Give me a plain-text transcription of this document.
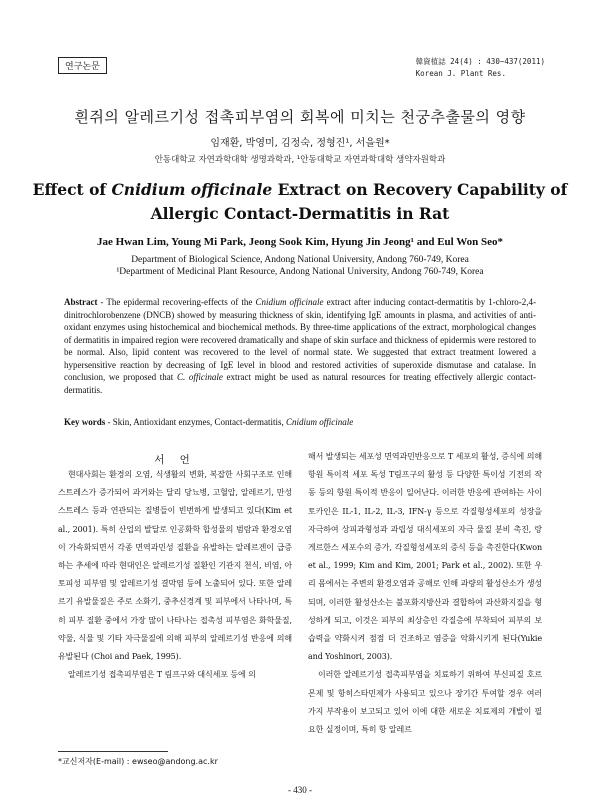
연구논문
韓資植誌 24(4) : 430~437(2011)
Korean J. Plant Res.
흰쥐의 알레르기성 접촉피부염의 회복에 미치는 천궁추출물의 영향
임재환, 박영미, 김정숙, 정형진¹, 서을원*
안동대학교 자연과학대학 생명과학과, ¹안동대학교 자연과학대학 생약자원학과
Effect of Cnidium officinale Extract on Recovery Capability of
Allergic Contact-Dermatitis in Rat
Jae Hwan Lim, Young Mi Park, Jeong Sook Kim, Hyung Jin Jeong¹ and Eul Won Seo*
Department of Biological Science, Andong National University, Andong 760-749, Korea
¹Department of Medicinal Plant Resource, Andong National University, Andong 760-749, Korea
Abstract - The epidermal recovering-effects of the Cnidium officinale extract after inducing contact-dermatitis by 1-chloro-2,4-dinitrochlorobenzene (DNCB) showed by measuring thickness of skin, identifying IgE amounts in plasma, and activities of anti-oxidant enzymes using histochemical and biochemical methods. By three-time applications of the extract, morphological changes of dermatitis in impaired region were recovered dramatically and shape of skin surface and thickness of epidermis were restored to be normal. Also, lipid content was recovered to the level of normal state. We suggested that extract treatment lowered a hypersensitive reaction by decreasing of IgE level in blood and restored activities of superoxide dismutase and catalase. In conclusion, we proposed that C. officinale extract might be used as natural resources for treating effectively allergic contact-dermatitis.
Key words - Skin, Antioxidant enzymes, Contact-dermatitis, Cnidium officinale
서 언

현대사회는 환경의 오염, 식생활의 변화, 복잡한 사회구조로 인해 스트레스가 증가되어 과거와는 달리 당뇨병, 고혈압, 알레르기, 만성 스트레스 등과 연관되는 질병들이 빈번하게 발생되고 있다(Kim et al., 2001). 특히 산업의 발달로 인공화학 합성물의 범람과 환경오염이 가속화되면서 각종 면역과민성 질환을 유발하는 알레르겐이 급증하는 추세에 따라 현대인은 알레르기성 질환인 기관지 천식, 비염, 아토피성 피부염 및 알레르기성 결막염 등에 노출되어 있다. 또한 알레르기 유발물질은 주로 소화기, 중추신경계 및 피부에서 나타나며, 특히 피부 질환 중에서 가장 많이 나타나는 접촉성 피부염은 화학물질, 약물, 식물 및 기타 자극물질에 의해 피부의 알레르기성 반응에 의해 유발된다 (Choi and Paek, 1995).

알레르기성 접촉피부염은 T 림프구와 대식세포 등에 의

해서 발생되는 세포성 면역과민반응으로 T 세포의 활성, 증식에 의해 항원 특이적 세포 독성 T림프구의 활성 등 다양한 특이성 기전의 작동 등의 항원 특이적 반응이 일어난다. 이러한 반응에 관여하는 사이토카인은 IL-1, IL-2, IL-3, IFN-γ 등으로 각질형성세포의 성장을 자극하여 상피과형성과 과립성 대식세포의 자극 물질 분비 촉진, 랑게르한스 세포수의 증가, 각질형성세포의 증식 등을 촉진한다(Kwon et al., 1999; Kim and Kim, 2001; Park et al., 2002). 또한 우리 몸에서는 주변의 환경오염과 공해로 인해 과량의 활성산소가 생성되며, 이러한 활성산소는 불포화지방산과 결합하여 과산화지질을 형성하게 되고, 이것은 피부의 최상층인 각질층에 부착되어 피부의 보습력을 약화시켜 점점 더 건조하고 염증을 악화시키게 된다(Yukie and Yoshinori, 2003).

이러한 알레르기성 접촉피부염을 치료하기 위하여 부신피질 호르몬제 및 항히스타민제가 사용되고 있으나 장기간 투여할 경우 여러 가지 부작용이 보고되고 있어 이에 대한 새로운 치료제의 개발이 필요한 실정이며, 특히 항 알레르

*교신저자(E-mail) : ewseo@andong.ac.kr
- 430 -
